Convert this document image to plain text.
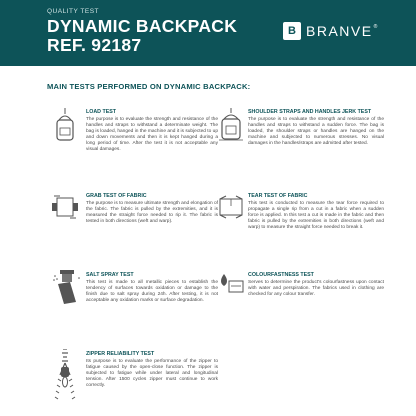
QUALITY TEST
DYNAMIC BACKPACK
REF. 92187
B BRANVE ®
MAIN TESTS PERFORMED ON DYNAMIC BACKPACK:
LOAD TEST
The purpose is to evaluate the strength and resistance of the handles and straps to withstand a determinate weight. The bag is loaded, hanged in the machine and it is subjected to up and down movements and then it is kept hanged during a long period of time. After the test it is not acceptable any visual damages.
SHOULDER STRAPS AND HANDLES JERK TEST
The purpose is to evaluate the strength and resistance of the handles and straps to withstand a sudden force. The bag is loaded, the shoulder straps or handles are hanged on the machine and subjected to numerous stresses. No visual damages in the handles/straps are admitted after tested.
GRAB TEST OF FABRIC
The purpose is to measure ultimate strength and elongation of the fabric. The fabric is pulled by the extremities, and it is measured the straight force needed to rip it. The fabric is tested in both directions (weft and warp).
TEAR TEST OF FABRIC
This test is conducted to measure the tear force required to propagate a single rip from a cut in a fabric when a sudden force is applied. In this test a cut is made in the fabric and then fabric is pulled by the extremities in both directions (weft and warp) to measure the straight force needed to break it.
SALT SPRAY TEST
This test is made to all metallic pieces to establish the tendency of surfaces towards oxidation or damage to the finish due to salt spray during 24h. After testing, it is not acceptable any oxidation marks or surface degradation.
COLOURFASTNESS TEST
Serves to determine the product's colourfastness upon contact with water and perspiration. The fabrics used in clothing are checked for any colour transfer.
ZIPPER RELIABILITY TEST
Its purpose is to evaluate the performance of the zipper to fatigue caused by the open-close function. The zipper is subjected to fatigue while under lateral and longitudinal tension. After 1500 cycles zipper must continue to work correctly.
